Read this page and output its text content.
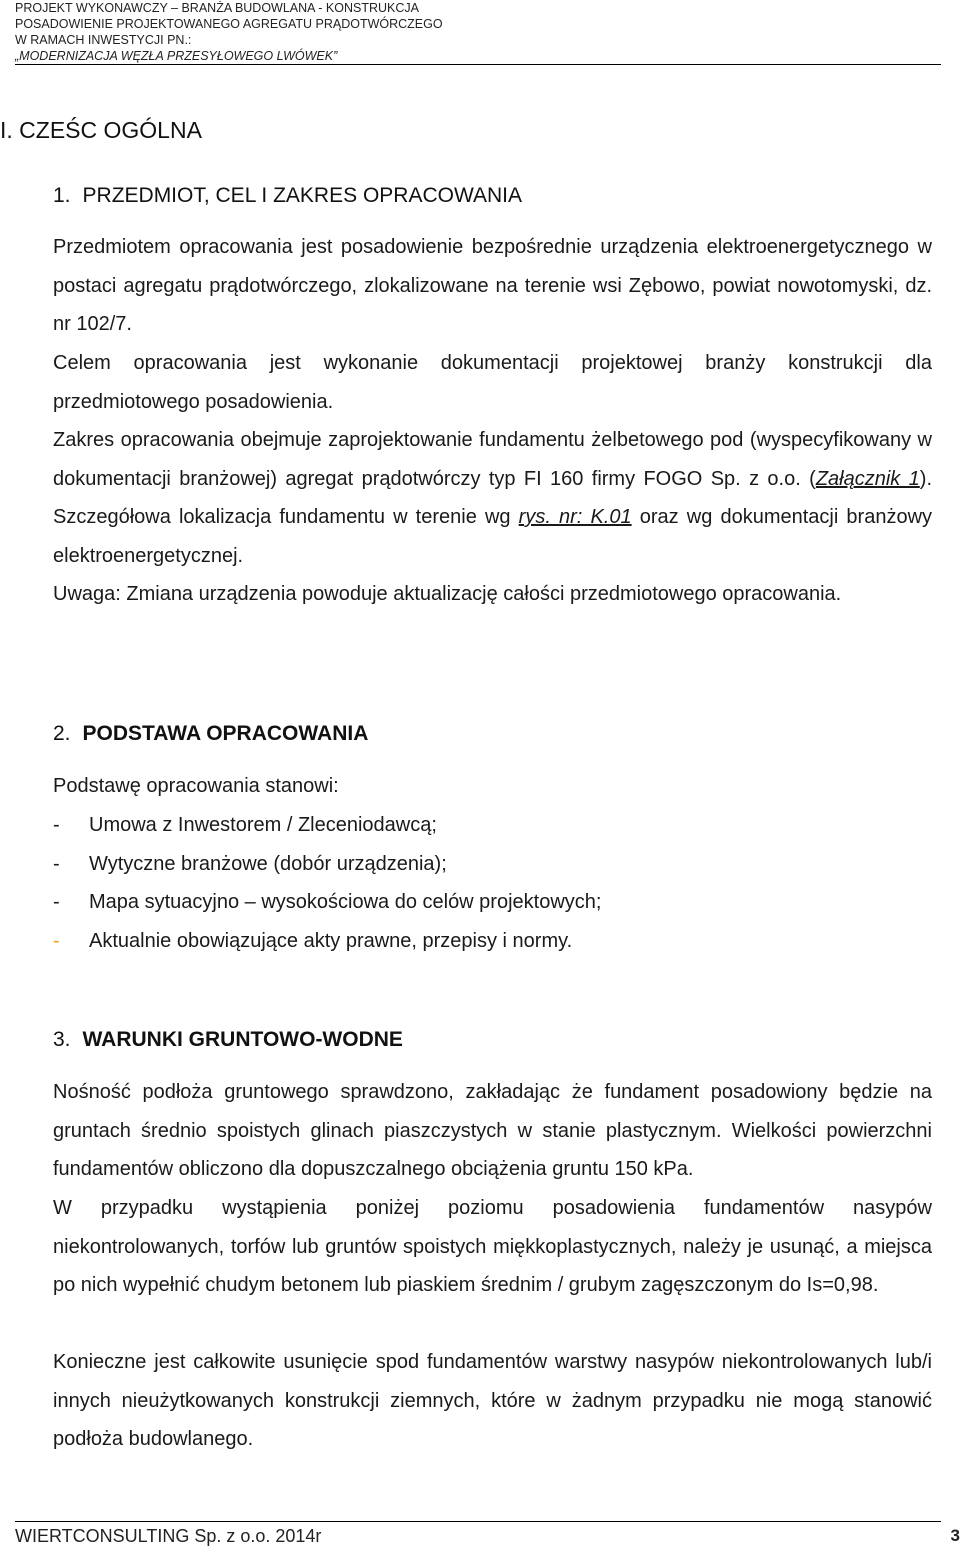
PROJEKT WYKONAWCZY – BRANŻA BUDOWLANA - KONSTRUKCJA
POSADOWIENIE PROJEKTOWANEGO AGREGATU PRĄDOTWÓRCZEGO
W RAMACH INWESTYCJI PN.:
„MODERNIZACJA WĘZŁA PRZESYŁOWEGO LWÓWEK”
I. CZEŚC OGÓLNA
1. PRZEDMIOT, CEL I ZAKRES OPRACOWANIA
Przedmiotem opracowania jest posadowienie bezpośrednie urządzenia elektroenergetycznego w postaci agregatu prądotwórczego, zlokalizowane na terenie wsi Zębowo, powiat nowotomyski, dz. nr 102/7.
Celem opracowania jest wykonanie dokumentacji projektowej branży konstrukcji dla przedmiotowego posadowienia.
Zakres opracowania obejmuje zaprojektowanie fundamentu żelbetowego pod (wyspecyfikowany w dokumentacji branżowej) agregat prądotwórczy typ FI 160 firmy FOGO Sp. z o.o. (Załącznik 1). Szczegółowa lokalizacja fundamentu w terenie wg rys. nr: K.01 oraz wg dokumentacji branżowy elektroenergetycznej.
Uwaga: Zmiana urządzenia powoduje aktualizację całości przedmiotowego opracowania.
2. PODSTAWA OPRACOWANIA
Podstawę opracowania stanowi:
-	Umowa z Inwestorem / Zleceniodawcą;
-	Wytyczne branżowe (dobór urządzenia);
-	Mapa sytuacyjno – wysokościowa do celów projektowych;
-	Aktualnie obowiązujące akty prawne, przepisy i normy.
3. WARUNKI GRUNTOWO-WODNE
Nośność podłoża gruntowego sprawdzono, zakładając że fundament posadowiony będzie na gruntach średnio spoistych glinach piaszczystych w stanie plastycznym. Wielkości powierzchni fundamentów obliczono dla dopuszczalnego obciążenia gruntu 150 kPa.
W przypadku wystąpienia poniżej poziomu posadowienia fundamentów nasypów niekontrolowanych, torfów lub gruntów spoistych miękkoplastycznych, należy je usunąć, a miejsca po nich wypełnić chudym betonem lub piaskiem średnim / grubym zagęszczonym do Is=0,98.
Konieczne jest całkowite usunięcie spod fundamentów warstwy nasypów niekontrolowanych lub/i innych nieużytkowanych konstrukcji ziemnych, które w żadnym przypadku nie mogą stanowić podłoża budowlanego.
WIERTCONSULTING Sp. z o.o. 2014r	3
